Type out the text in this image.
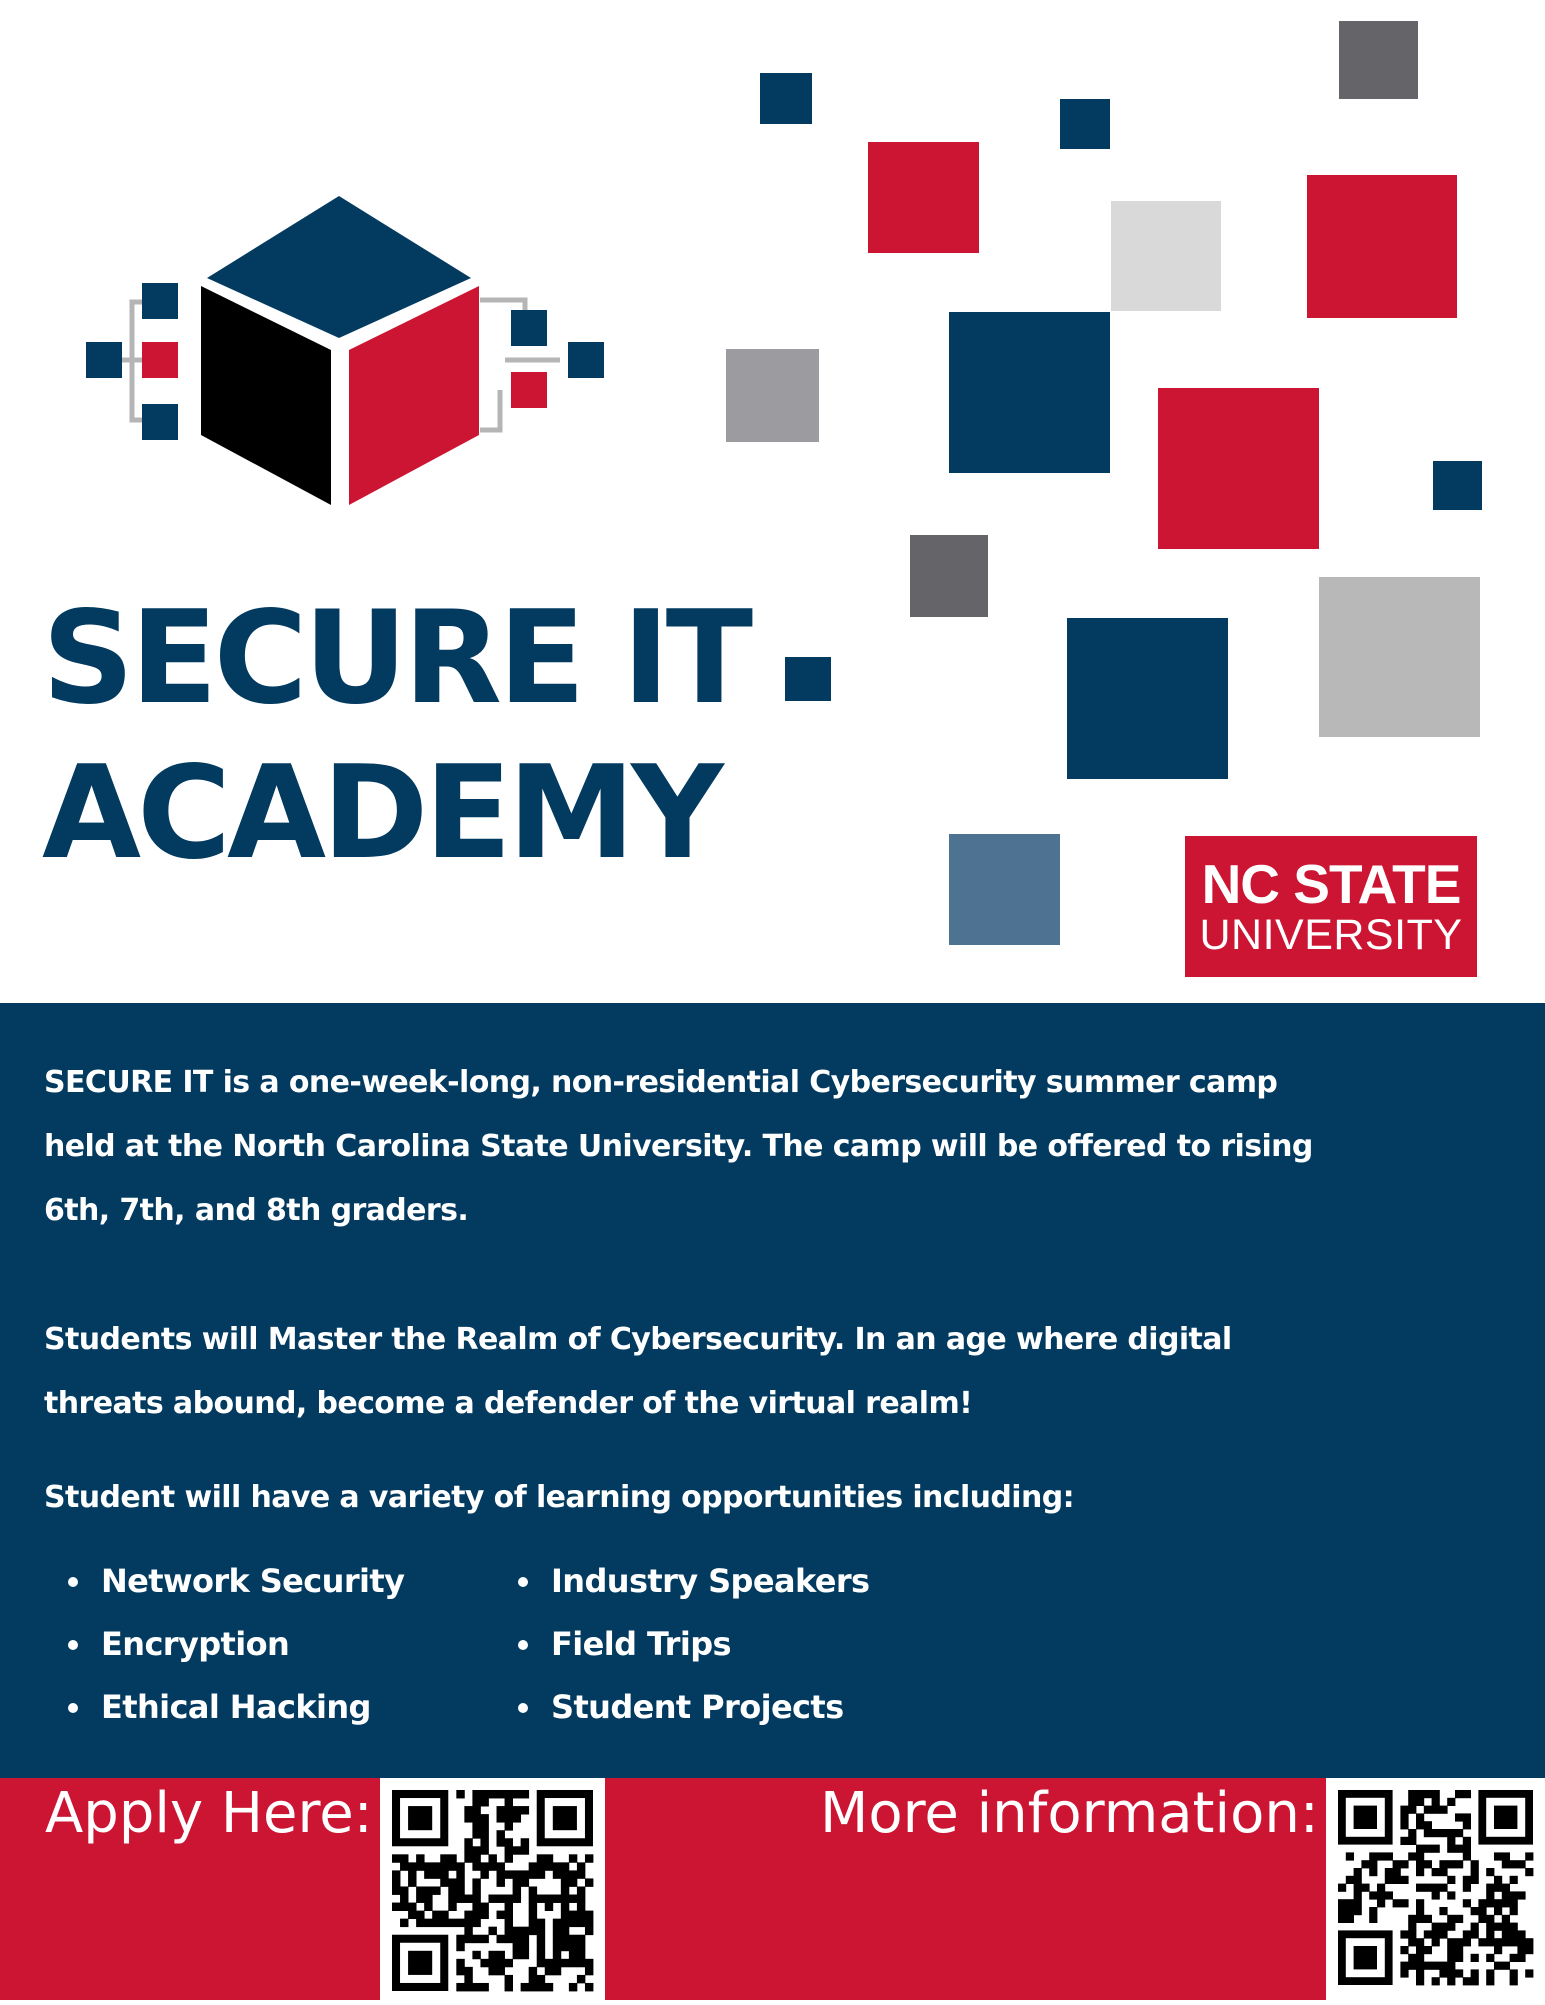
SECURE IT
ACADEMY	NC STATE
UNIVERSITY
SECURE IT is a one-week-long, non-residential Cybersecurity summer camp held at the North Carolina State University. The camp will be offered to rising 6th, 7th, and 8th graders.
Students will Master the Realm of Cybersecurity. In an age where digital threats abound, become a defender of the virtual realm!
Student will have a variety of learning opportunities including:
Network Security
Encryption
Ethical Hacking
Industry Speakers
Field Trips
Student Projects
Apply Here:	More information:
